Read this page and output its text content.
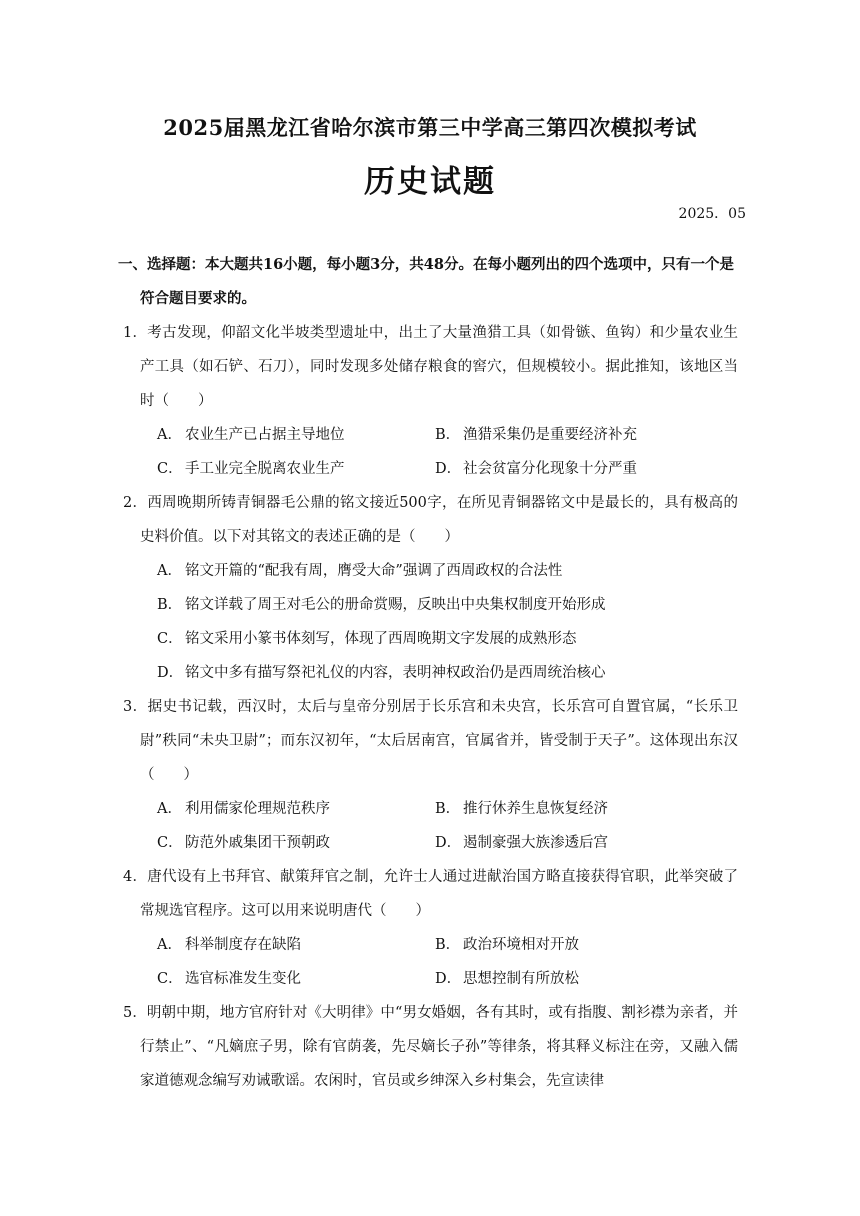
2025届黑龙江省哈尔滨市第三中学高三第四次模拟考试
历史试题
2025．05

一、选择题：本大题共16小题，每小题3分，共48分。在每小题列出的四个选项中，只有一个是符合题目要求的。

1．考古发现，仰韶文化半坡类型遗址中，出土了大量渔猎工具（如骨镞、鱼钩）和少量农业生产工具（如石铲、石刀），同时发现多处储存粮食的窖穴，但规模较小。据此推知，该地区当时（　　）

A． 农业生产已占据主导地位	B． 渔猎采集仍是重要经济补充
C． 手工业完全脱离农业生产	D． 社会贫富分化现象十分严重

2．西周晚期所铸青铜器毛公鼎的铭文接近500字，在所见青铜器铭文中是最长的，具有极高的史料价值。以下对其铭文的表述正确的是（　　）

A． 铭文开篇的“配我有周，膺受大命”强调了西周政权的合法性
B． 铭文详载了周王对毛公的册命赏赐，反映出中央集权制度开始形成
C． 铭文采用小篆书体刻写，体现了西周晚期文字发展的成熟形态
D． 铭文中多有描写祭祀礼仪的内容，表明神权政治仍是西周统治核心

3．据史书记载，西汉时，太后与皇帝分别居于长乐宫和未央宫，长乐宫可自置官属，“长乐卫尉”秩同“未央卫尉”；而东汉初年，“太后居南宫，官属省并，皆受制于天子”。这体现出东汉（　　）

A． 利用儒家伦理规范秩序	B． 推行休养生息恢复经济
C． 防范外戚集团干预朝政	D． 遏制豪强大族渗透后宫

4．唐代设有上书拜官、献策拜官之制，允许士人通过进献治国方略直接获得官职，此举突破了常规选官程序。这可以用来说明唐代（　　）

A． 科举制度存在缺陷	B． 政治环境相对开放
C． 选官标准发生变化	D． 思想控制有所放松

5．明朝中期，地方官府针对《大明律》中“男女婚姻，各有其时，或有指腹、割衫襟为亲者，并行禁止”、“凡嫡庶子男，除有官荫袭，先尽嫡长子孙”等律条，将其释义标注在旁，又融入儒家道德观念编写劝诫歌谣。农闲时，官员或乡绅深入乡村集会，先宣读律
